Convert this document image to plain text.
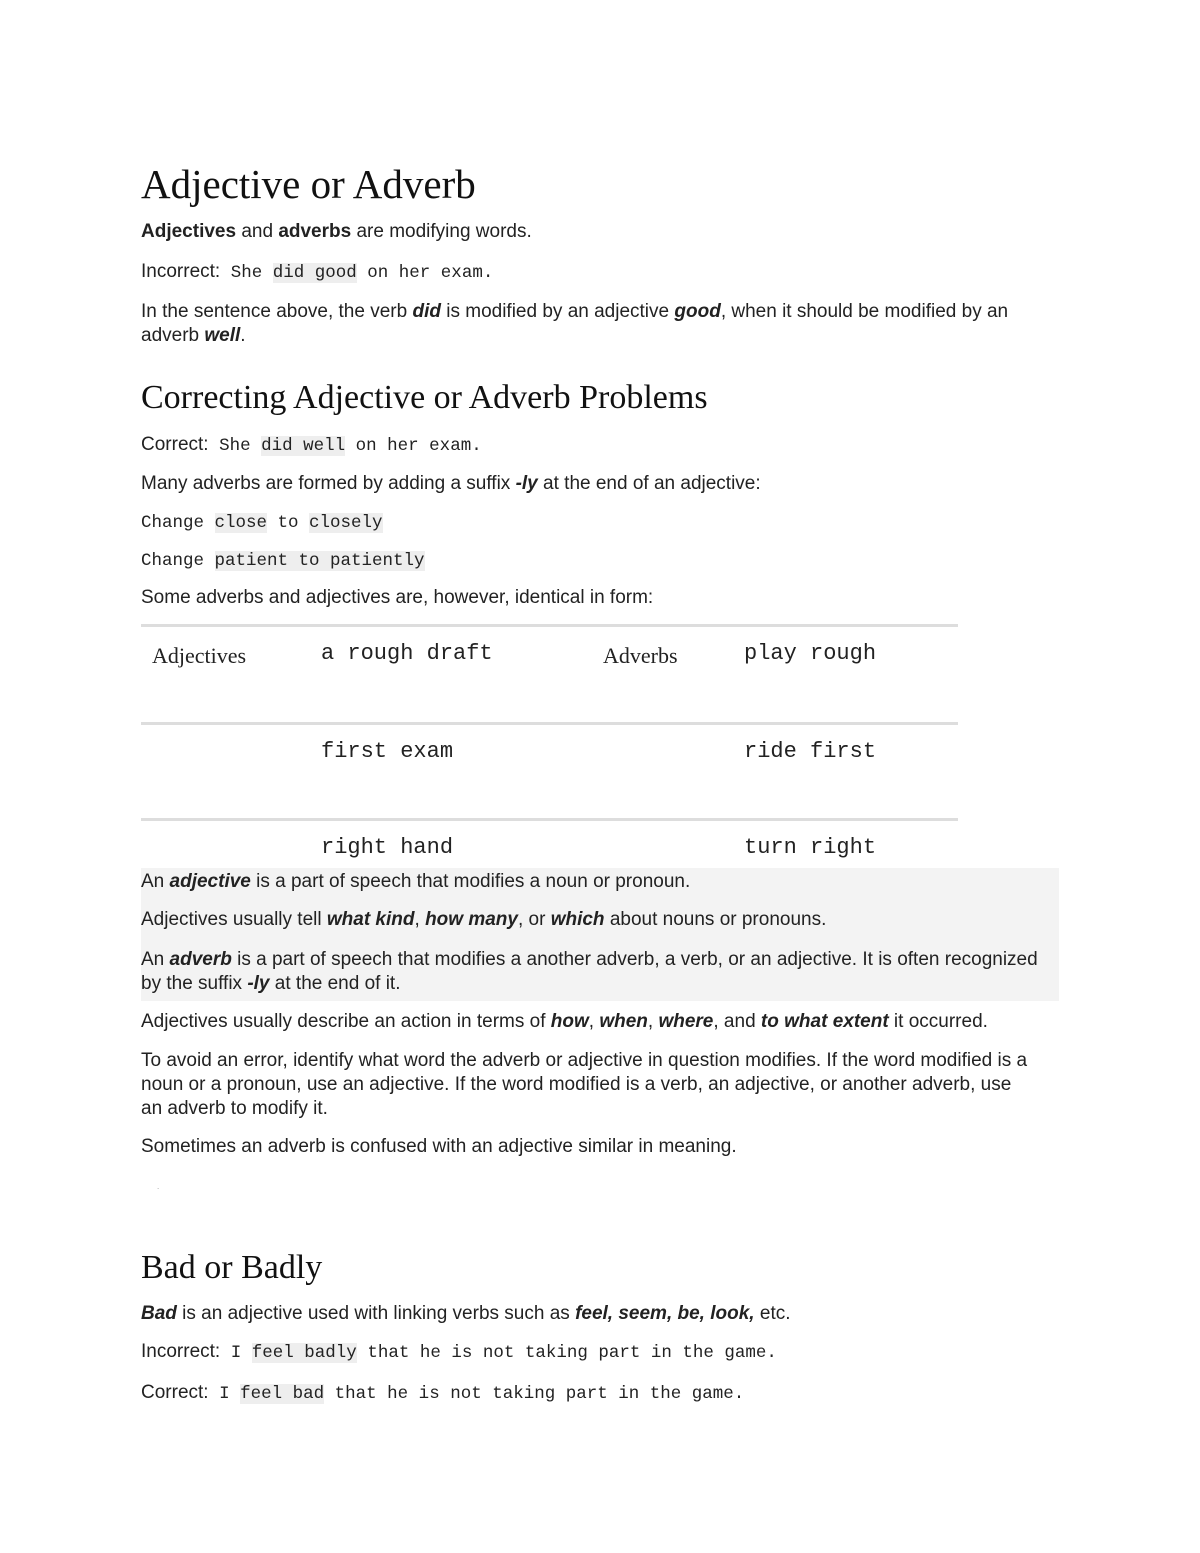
Adjective or Adverb

Adjectives and adverbs are modifying words.

Incorrect: She did good on her exam.

In the sentence above, the verb did is modified by an adjective good, when it should be modified by an adverb well.

Correcting Adjective or Adverb Problems

Correct: She did well on her exam.

Many adverbs are formed by adding a suffix -ly at the end of an adjective:

Change close to closely

Change patient to patiently

Some adverbs and adjectives are, however, identical in form:

Adjectives	a rough draft	Adverbs	play rough
	first exam		ride first
	right hand		turn right

An adjective is a part of speech that modifies a noun or pronoun.

Adjectives usually tell what kind, how many, or which about nouns or pronouns.

An adverb is a part of speech that modifies a another adverb, a verb, or an adjective. It is often recognized by the suffix -ly at the end of it.

Adjectives usually describe an action in terms of how, when, where, and to what extent it occurred.

To avoid an error, identify what word the adverb or adjective in question modifies. If the word modified is a noun or a pronoun, use an adjective. If the word modified is a verb, an adjective, or another adverb, use an adverb to modify it.

Sometimes an adverb is confused with an adjective similar in meaning.

Bad or Badly

Bad is an adjective used with linking verbs such as feel, seem, be, look, etc.

Incorrect: I feel badly that he is not taking part in the game.

Correct: I feel bad that he is not taking part in the game.

.
